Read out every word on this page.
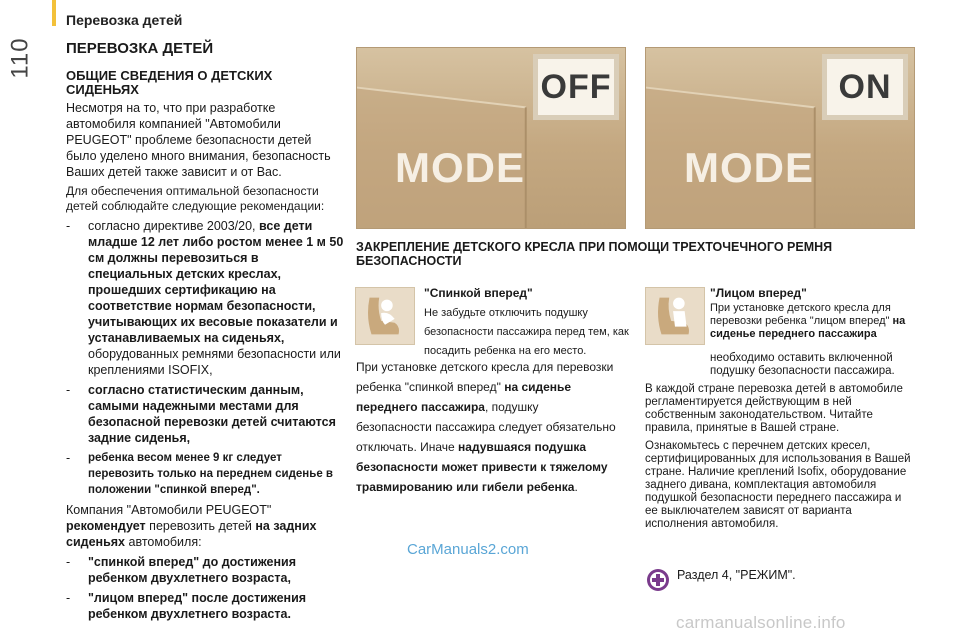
110
Перевозка детей
ПЕРЕВОЗКА ДЕТЕЙ
ОБЩИЕ СВЕДЕНИЯ О ДЕТСКИХ СИДЕНЬЯХ

Несмотря на то, что при разработке автомобиля компанией "Автомобили PEUGEOT" проблеме безопасности детей было уделено много внимания, безопасность Ваших детей также зависит и от Вас.

Для обеспечения оптимальной безопасности детей соблюдайте следующие рекомендации:

-	согласно директиве 2003/20, все дети младше 12 лет либо ростом менее 1 м 50 см должны перевозиться в специальных детских креслах, прошедших сертификацию на соответствие нормам безопасности, учитывающих их весовые показатели и устанавливаемых на сиденьях, оборудованных ремнями безопасности или креплениями ISOFIX,
-	согласно статистическим данным, самыми надежными местами для безопасной перевозки детей считаются задние сиденья,
-	ребенка весом менее 9 кг следует перевозить только на переднем сиденье в положении "спинкой вперед".

Компания "Автомобили PEUGEOT" рекомендует перевозить детей на задних сиденьях автомобиля:

-	"спинкой вперед" до достижения ребенком двухлетнего возраста,
-	"лицом вперед" после достижения ребенком двухлетнего возраста.
OFF
MODE
ON
MODE
ЗАКРЕПЛЕНИЕ ДЕТСКОГО КРЕСЛА ПРИ ПОМОЩИ ТРЕХТОЧЕЧНОГО РЕМНЯ БЕЗОПАСНОСТИ
"Спинкой вперед"
Не забудьте отключить подушку безопасности пассажира перед тем, как посадить ребенка на его место.
При установке детского кресла для перевозки ребенка "спинкой вперед" на сиденье переднего пассажира, подушку безопасности пассажира следует обязательно отключать. Иначе надувшаяся подушка безопасности может привести к тяжелому травмированию или гибели ребенка.
"Лицом вперед"
При установке детского кресла для перевозки ребенка "лицом вперед" на сиденье переднего пассажира

необходимо оставить включенной подушку безопасности пассажира.

В каждой стране перевозка детей в автомобиле регламентируется действующим в ней собственным законодательством. Читайте правила, принятые в Вашей стране.

Ознакомьтесь с перечнем детских кресел, сертифицированных для использования в Вашей стране. Наличие креплений Isofix, оборудование заднего дивана, комплектация автомобиля подушкой безопасности переднего пассажира и ее выключателем зависят от варианта исполнения автомобиля.

CarManuals2.com
Раздел 4, "РЕЖИМ".
carmanualsonline.info
